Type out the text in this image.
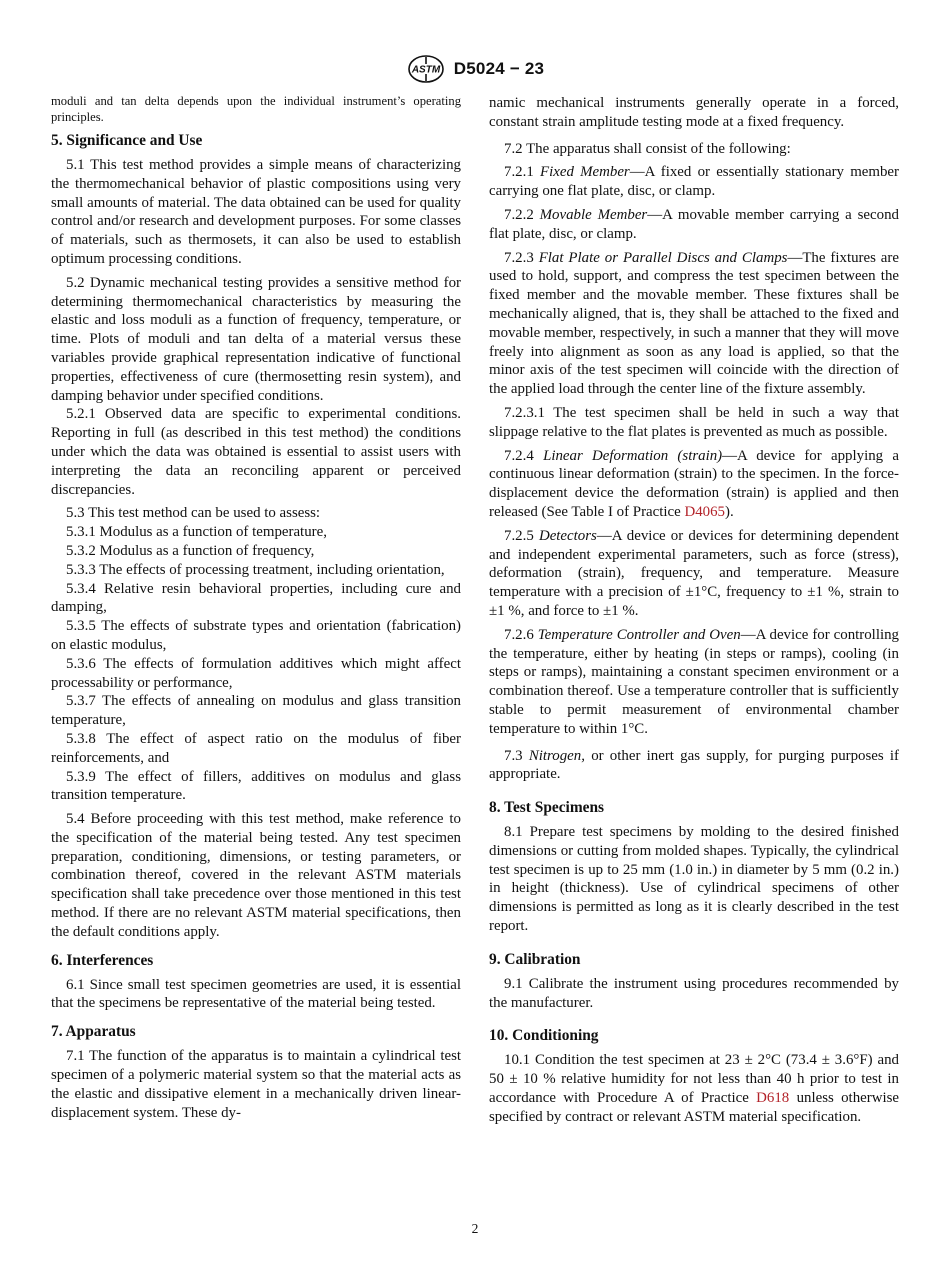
ASTM D5024 − 23

moduli and tan delta depends upon the individual instrument’s operating principles.

5. Significance and Use

5.1 This test method provides a simple means of characterizing the thermomechanical behavior of plastic compositions using very small amounts of material. The data obtained can be used for quality control and/or research and development purposes. For some classes of materials, such as thermosets, it can also be used to establish optimum processing conditions.

5.2 Dynamic mechanical testing provides a sensitive method for determining thermomechanical characteristics by measuring the elastic and loss moduli as a function of frequency, temperature, or time. Plots of moduli and tan delta of a material versus these variables provide graphical representation indicative of functional properties, effectiveness of cure (thermosetting resin system), and damping behavior under specified conditions.

5.2.1 Observed data are specific to experimental conditions. Reporting in full (as described in this test method) the conditions under which the data was obtained is essential to assist users with interpreting the data an reconciling apparent or perceived discrepancies.

5.3 This test method can be used to assess:

5.3.1 Modulus as a function of temperature,

5.3.2 Modulus as a function of frequency,

5.3.3 The effects of processing treatment, including orientation,

5.3.4 Relative resin behavioral properties, including cure and damping,

5.3.5 The effects of substrate types and orientation (fabrication) on elastic modulus,

5.3.6 The effects of formulation additives which might affect processability or performance,

5.3.7 The effects of annealing on modulus and glass transition temperature,

5.3.8 The effect of aspect ratio on the modulus of fiber reinforcements, and

5.3.9 The effect of fillers, additives on modulus and glass transition temperature.

5.4 Before proceeding with this test method, make reference to the specification of the material being tested. Any test specimen preparation, conditioning, dimensions, or testing parameters, or combination thereof, covered in the relevant ASTM materials specification shall take precedence over those mentioned in this test method. If there are no relevant ASTM material specifications, then the default conditions apply.

6. Interferences

6.1 Since small test specimen geometries are used, it is essential that the specimens be representative of the material being tested.

7. Apparatus

7.1 The function of the apparatus is to maintain a cylindrical test specimen of a polymeric material system so that the material acts as the elastic and dissipative element in a mechanically driven linear-displacement system. These dy-

namic mechanical instruments generally operate in a forced, constant strain amplitude testing mode at a fixed frequency.

7.2 The apparatus shall consist of the following:

7.2.1 Fixed Member—A fixed or essentially stationary member carrying one flat plate, disc, or clamp.

7.2.2 Movable Member—A movable member carrying a second flat plate, disc, or clamp.

7.2.3 Flat Plate or Parallel Discs and Clamps—The fixtures are used to hold, support, and compress the test specimen between the fixed member and the movable member. These fixtures shall be mechanically aligned, that is, they shall be attached to the fixed and movable member, respectively, in such a manner that they will move freely into alignment as soon as any load is applied, so that the minor axis of the test specimen will coincide with the direction of the applied load through the center line of the fixture assembly.

7.2.3.1 The test specimen shall be held in such a way that slippage relative to the flat plates is prevented as much as possible.

7.2.4 Linear Deformation (strain)—A device for applying a continuous linear deformation (strain) to the specimen. In the force-displacement device the deformation (strain) is applied and then released (See Table I of Practice D4065).

7.2.5 Detectors—A device or devices for determining dependent and independent experimental parameters, such as force (stress), deformation (strain), frequency, and temperature. Measure temperature with a precision of ±1°C, frequency to ±1 %, strain to ±1 %, and force to ±1 %.

7.2.6 Temperature Controller and Oven—A device for controlling the temperature, either by heating (in steps or ramps), cooling (in steps or ramps), maintaining a constant specimen environment or a combination thereof. Use a temperature controller that is sufficiently stable to permit measurement of environmental chamber temperature to within 1°C.

7.3 Nitrogen, or other inert gas supply, for purging purposes if appropriate.

8. Test Specimens

8.1 Prepare test specimens by molding to the desired finished dimensions or cutting from molded shapes. Typically, the cylindrical test specimen is up to 25 mm (1.0 in.) in diameter by 5 mm (0.2 in.) in height (thickness). Use of cylindrical specimens of other dimensions is permitted as long as it is clearly described in the test report.

9. Calibration

9.1 Calibrate the instrument using procedures recommended by the manufacturer.

10. Conditioning

10.1 Condition the test specimen at 23 ± 2°C (73.4 ± 3.6°F) and 50 ± 10 % relative humidity for not less than 40 h prior to test in accordance with Procedure A of Practice D618 unless otherwise specified by contract or relevant ASTM material specification.

2
